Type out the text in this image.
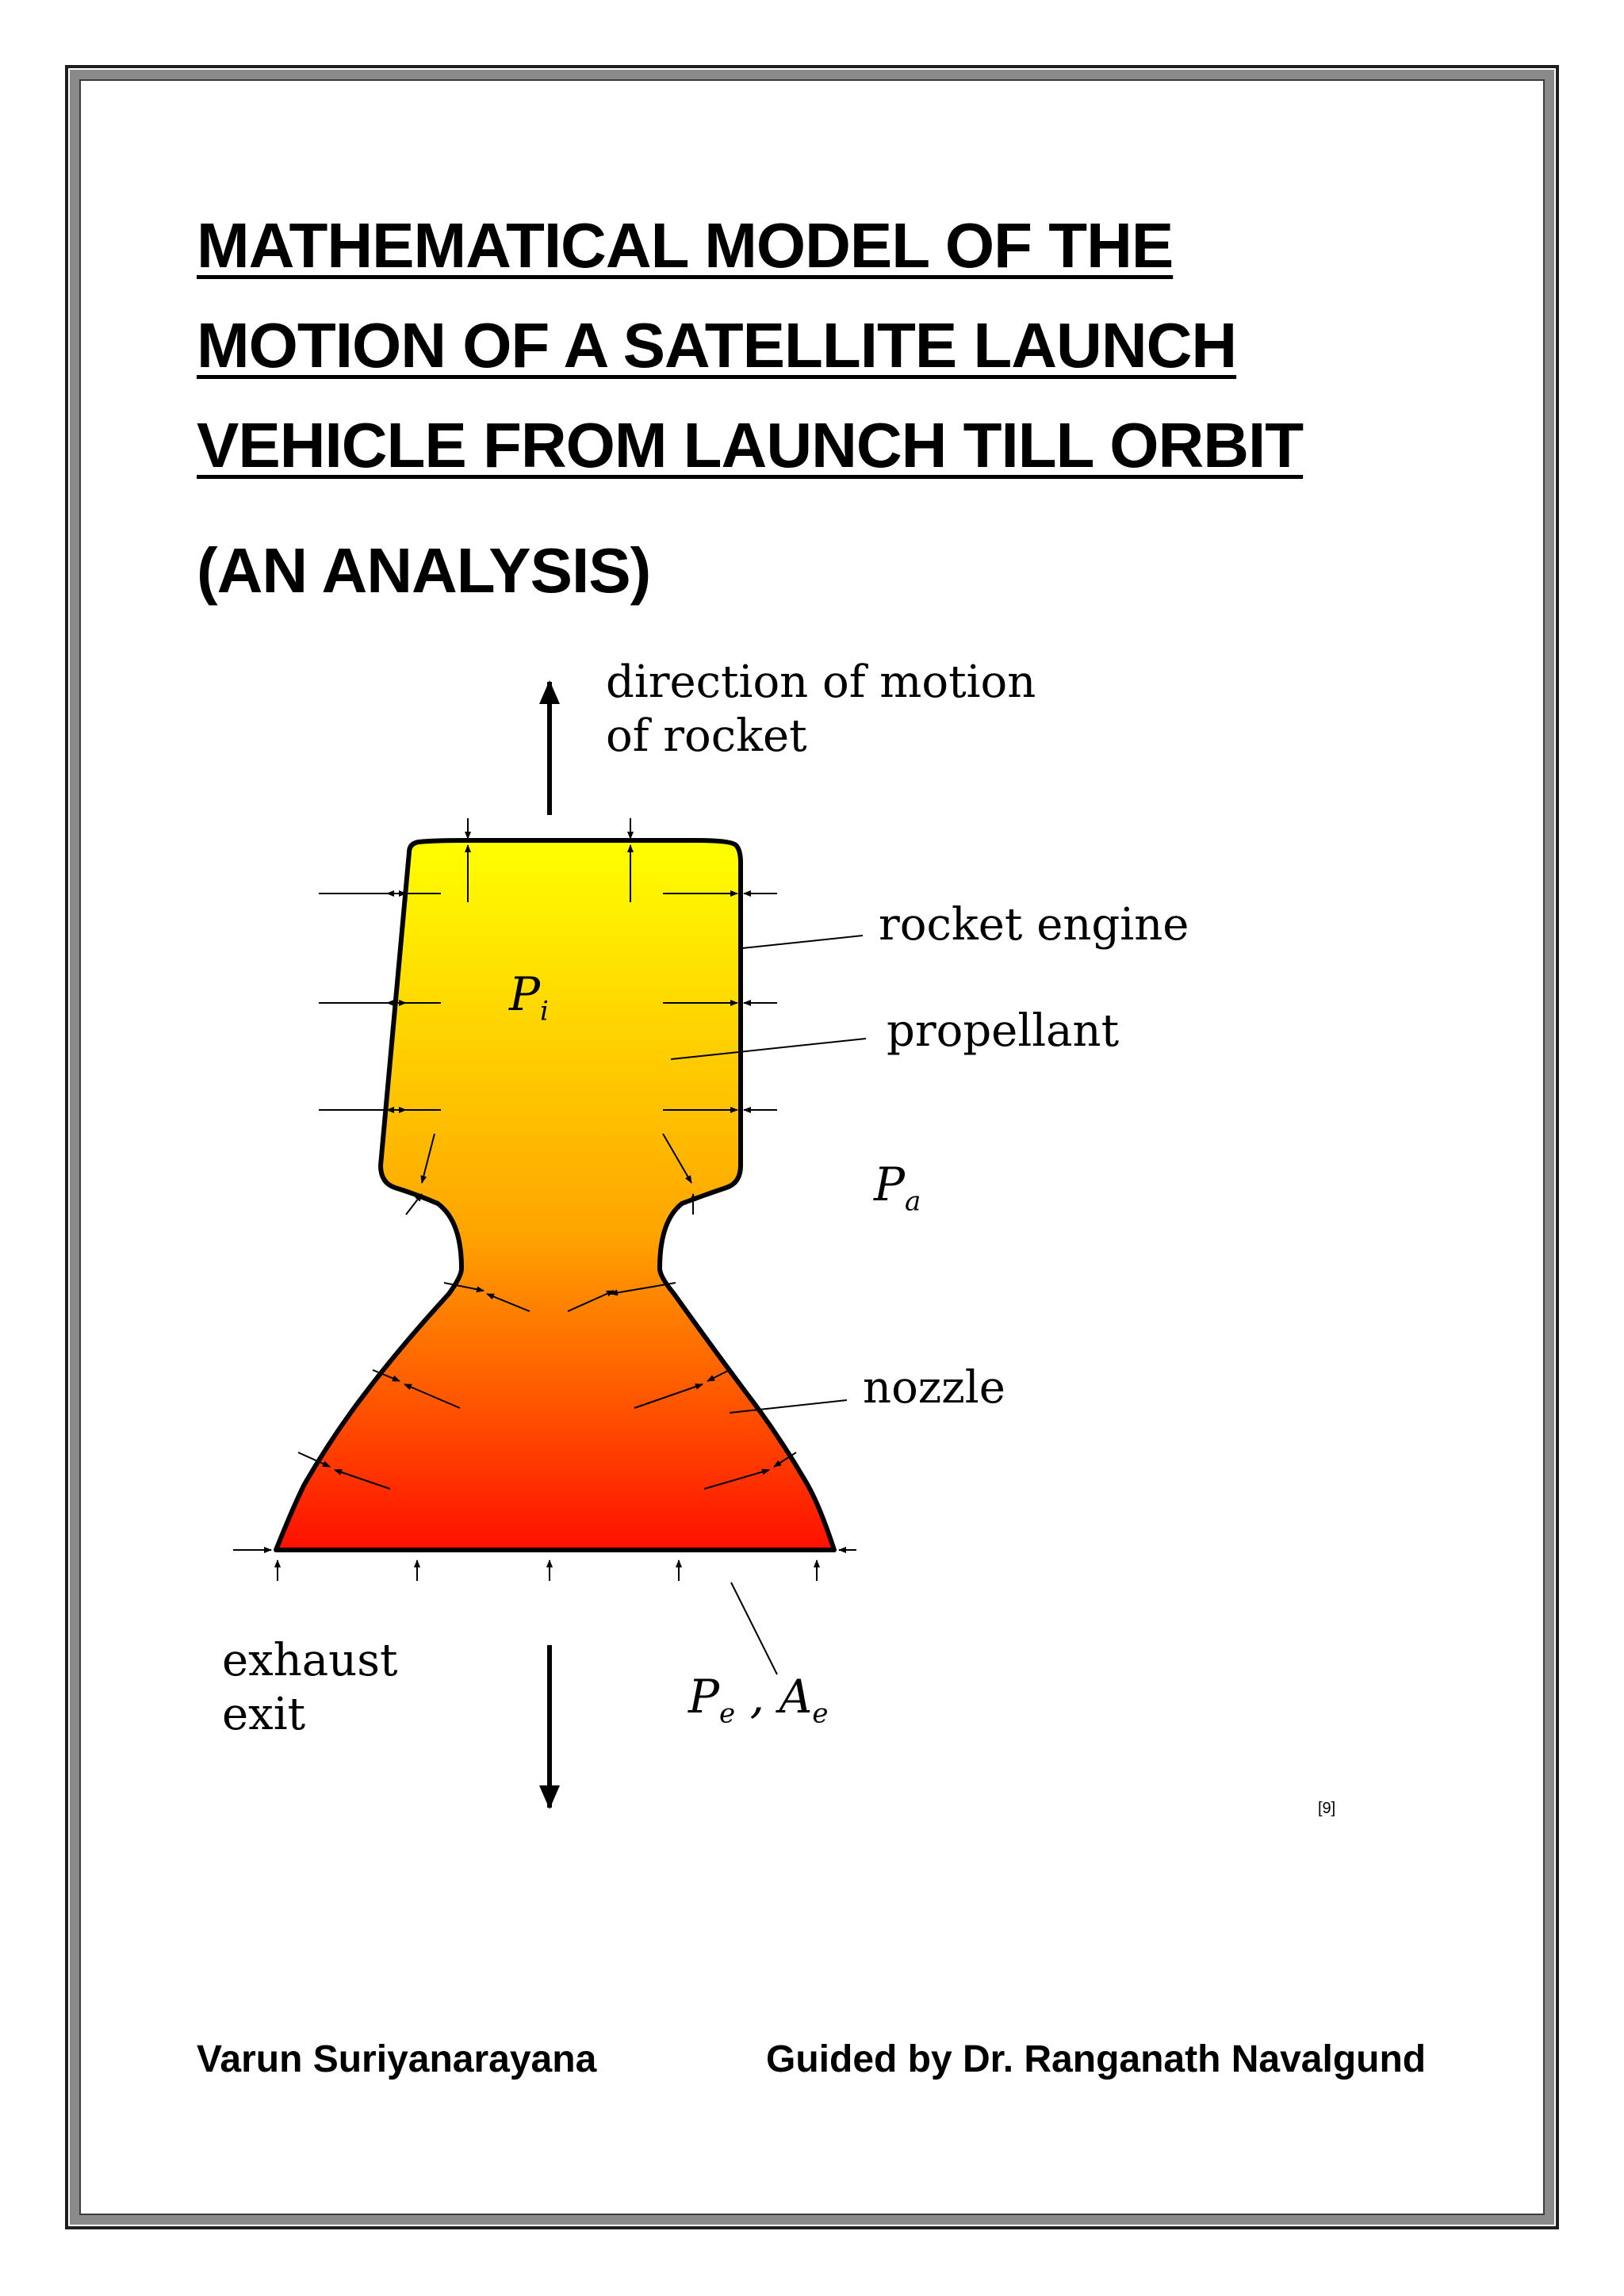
MATHEMATICAL MODEL OF THE
MOTION OF A SATELLITE LAUNCH
VEHICLE FROM LAUNCH TILL ORBIT
(AN ANALYSIS)

direction of motion

of rocket

rocket engine

propellant

nozzle

exhaust

exit

$P_i$

$P_a$

$P_e$ , $A_e$

[9]

Varun Suriyanarayana	Guided by Dr. Ranganath Navalgund
